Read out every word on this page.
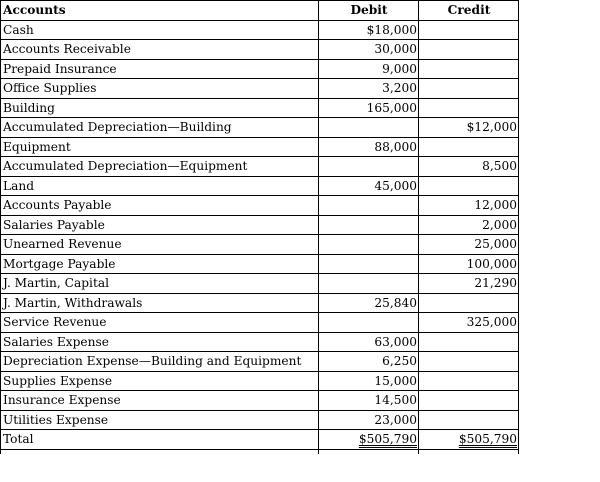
Accounts	Debit	Credit
Cash	$18,000	
Accounts Receivable	30,000	
Prepaid Insurance	9,000	
Office Supplies	3,200	
Building	165,000	
Accumulated Depreciation—Building		$12,000
Equipment	88,000	
Accumulated Depreciation—Equipment		8,500
Land	45,000	
Accounts Payable		12,000
Salaries Payable		2,000
Unearned Revenue		25,000
Mortgage Payable		100,000
J. Martin, Capital		21,290
J. Martin, Withdrawals	25,840	
Service Revenue		325,000
Salaries Expense	63,000	
Depreciation Expense—Building and Equipment	6,250	
Supplies Expense	15,000	
Insurance Expense	14,500	
Utilities Expense	23,000	
Total	$505,790	$505,790
